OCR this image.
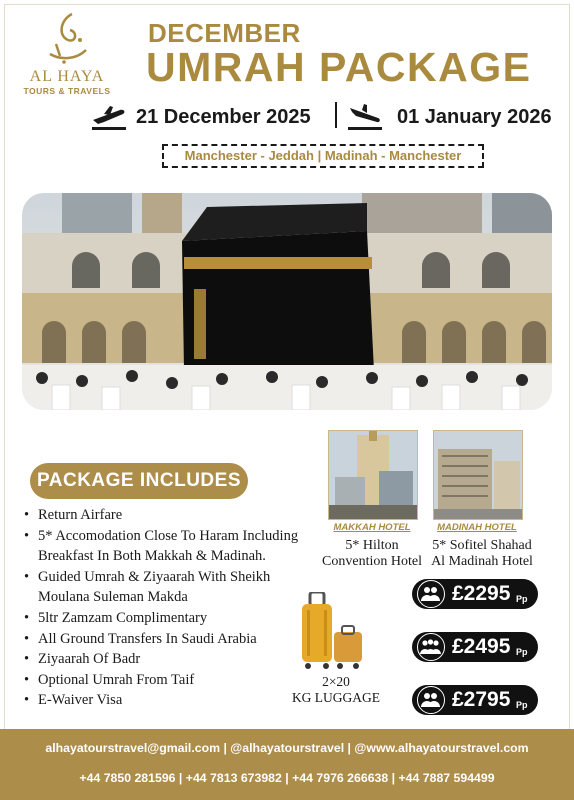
AL HAYA
TOURS & TRAVELS
DECEMBER
UMRAH PACKAGE
21 December 2025	01 January 2026
Manchester - Jeddah | Madinah - Manchester
PACKAGE INCLUDES
• Return Airfare
• 5* Accomodation Close To Haram Including
Breakfast In Both Makkah & Madinah.
• Guided Umrah & Ziyaarah With Sheikh
Moulana Suleman Makda
• 5ltr Zamzam Complimentary
• All Ground Transfers In Saudi Arabia
• Ziyaarah Of Badr
• Optional Umrah From Taif
• E-Waiver Visa
MAKKAH HOTEL	MADINAH HOTEL
5* Hilton
Convention Hotel
5* Sofitel Shahad
Al Madinah Hotel
£2295 Pp
£2495 Pp
£2795 Pp
2×20
KG LUGGAGE
alhayatourstravel@gmail.com | @alhayatourstravel | @www.alhayatourstravel.com
+44 7850 281596 | +44 7813 673982 | +44 7976 266638 | +44 7887 594499
